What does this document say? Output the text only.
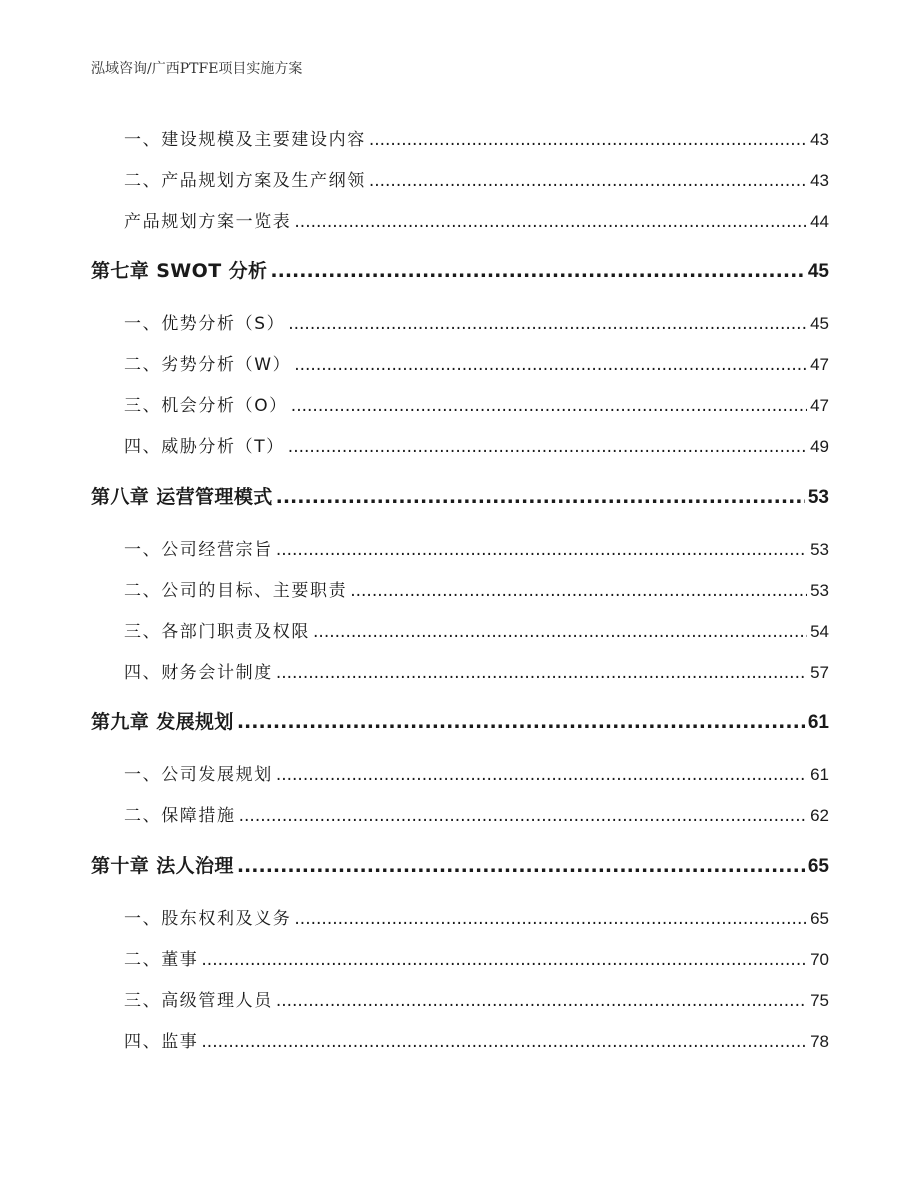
泓域咨询/广西PTFE项目实施方案
一、 建设规模及主要建设内容 .....	43
二、 产品规划方案及生产纲领 .....	43
产品规划方案一览表 .....	44
第七章 SWOT 分析 .....	45
一、 优势分析（S） .....	45
二、 劣势分析（W） .....	47
三、 机会分析（O） .....	47
四、 威胁分析（T） .....	49
第八章 运营管理模式 .....	53
一、 公司经营宗旨 .....	53
二、 公司的目标、主要职责 .....	53
三、 各部门职责及权限 .....	54
四、 财务会计制度 .....	57
第九章 发展规划 .....	61
一、 公司发展规划 .....	61
二、 保障措施 .....	62
第十章 法人治理 .....	65
一、 股东权利及义务 .....	65
二、 董事 .....	70
三、 高级管理人员 .....	75
四、 监事 .....	78
